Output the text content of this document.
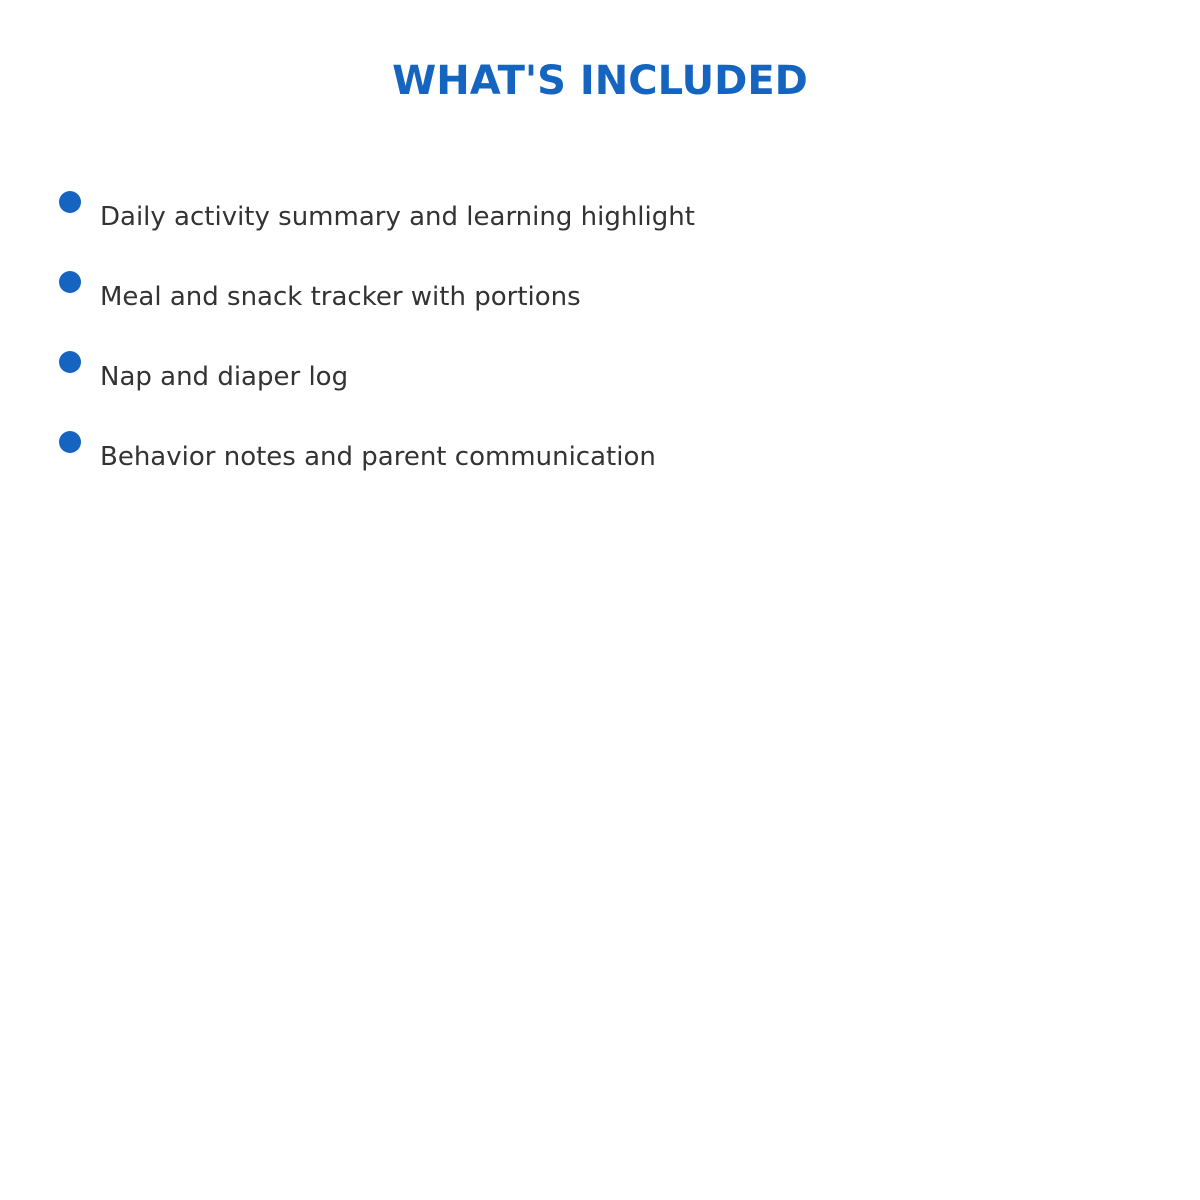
WHAT'S INCLUDED
Daily activity summary and learning highlight
Meal and snack tracker with portions
Nap and diaper log
Behavior notes and parent communication
